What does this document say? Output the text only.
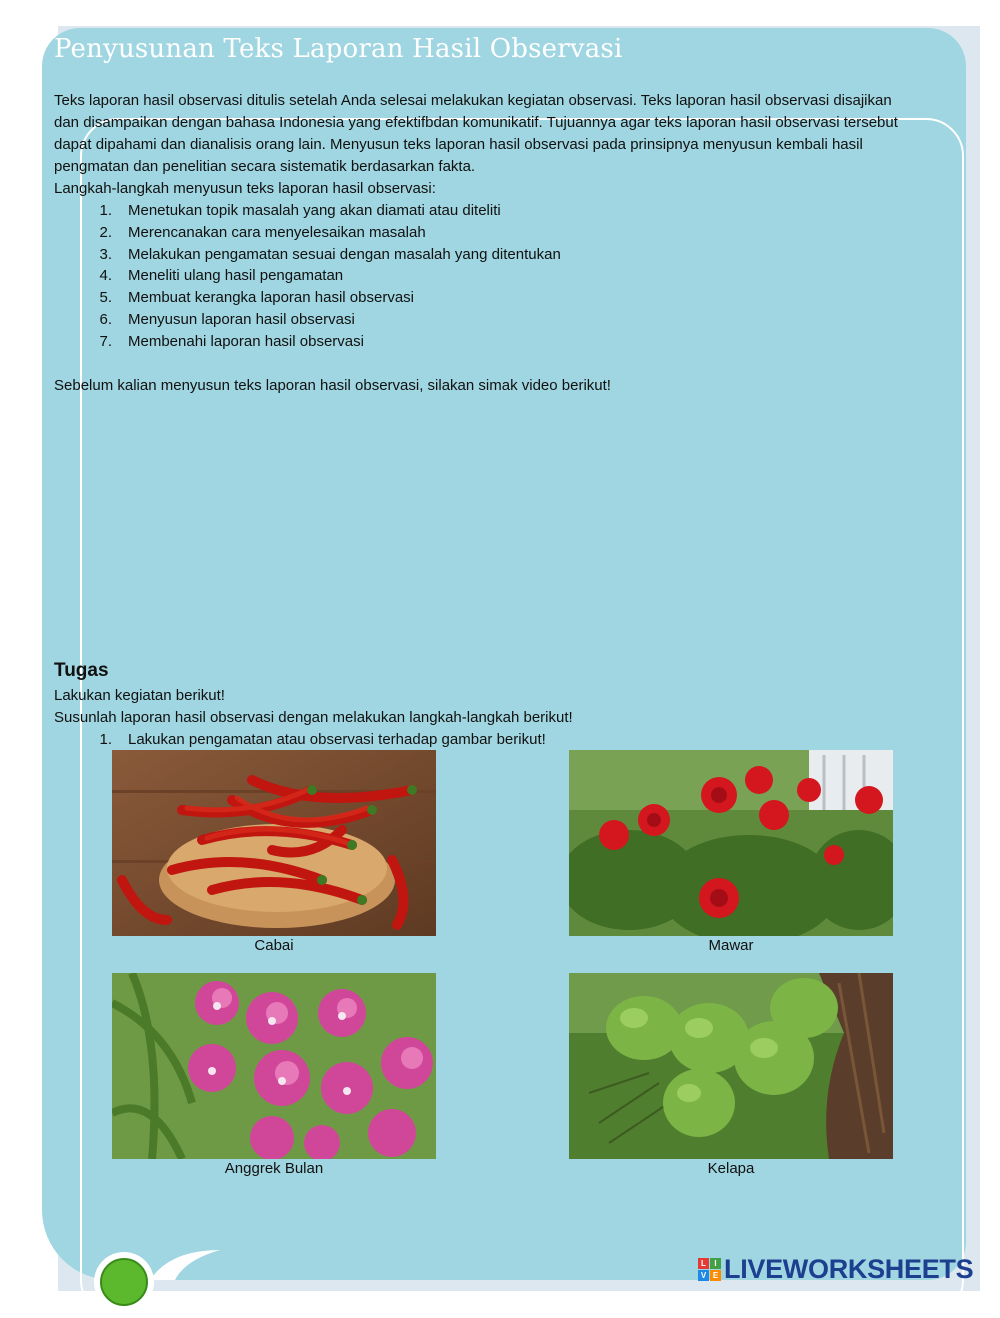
Penyusunan Teks Laporan Hasil Observasi

Teks laporan hasil observasi ditulis setelah Anda selesai melakukan kegiatan observasi. Teks laporan hasil observasi disajikan dan disampaikan dengan bahasa Indonesia yang efektifbdan komunikatif. Tujuannya agar teks laporan hasil observasi tersebut dapat dipahami dan dianalisis orang lain. Menyusun teks laporan hasil observasi pada prinsipnya menyusun kembali hasil pengmatan dan penelitian secara sistematik berdasarkan fakta.

Langkah-langkah menyusun teks laporan hasil observasi:

1.	Menetukan topik masalah yang akan diamati atau diteliti
2.	Merencanakan cara menyelesaikan masalah
3.	Melakukan pengamatan sesuai dengan masalah yang ditentukan
4.	Meneliti ulang hasil pengamatan
5.	Membuat kerangka laporan hasil observasi
6.	Menyusun laporan hasil observasi
7.	Membenahi laporan hasil observasi

Sebelum kalian menyusun teks laporan hasil observasi, silakan simak video berikut!

Tugas

Lakukan kegiatan berikut!

Susunlah laporan hasil observasi dengan melakukan langkah-langkah berikut!

1.	Lakukan pengamatan atau observasi terhadap gambar berikut!
Cabai	Mawar
Anggrek Bulan	Kelapa
L	I
V E LIVEWORKSHEETS
